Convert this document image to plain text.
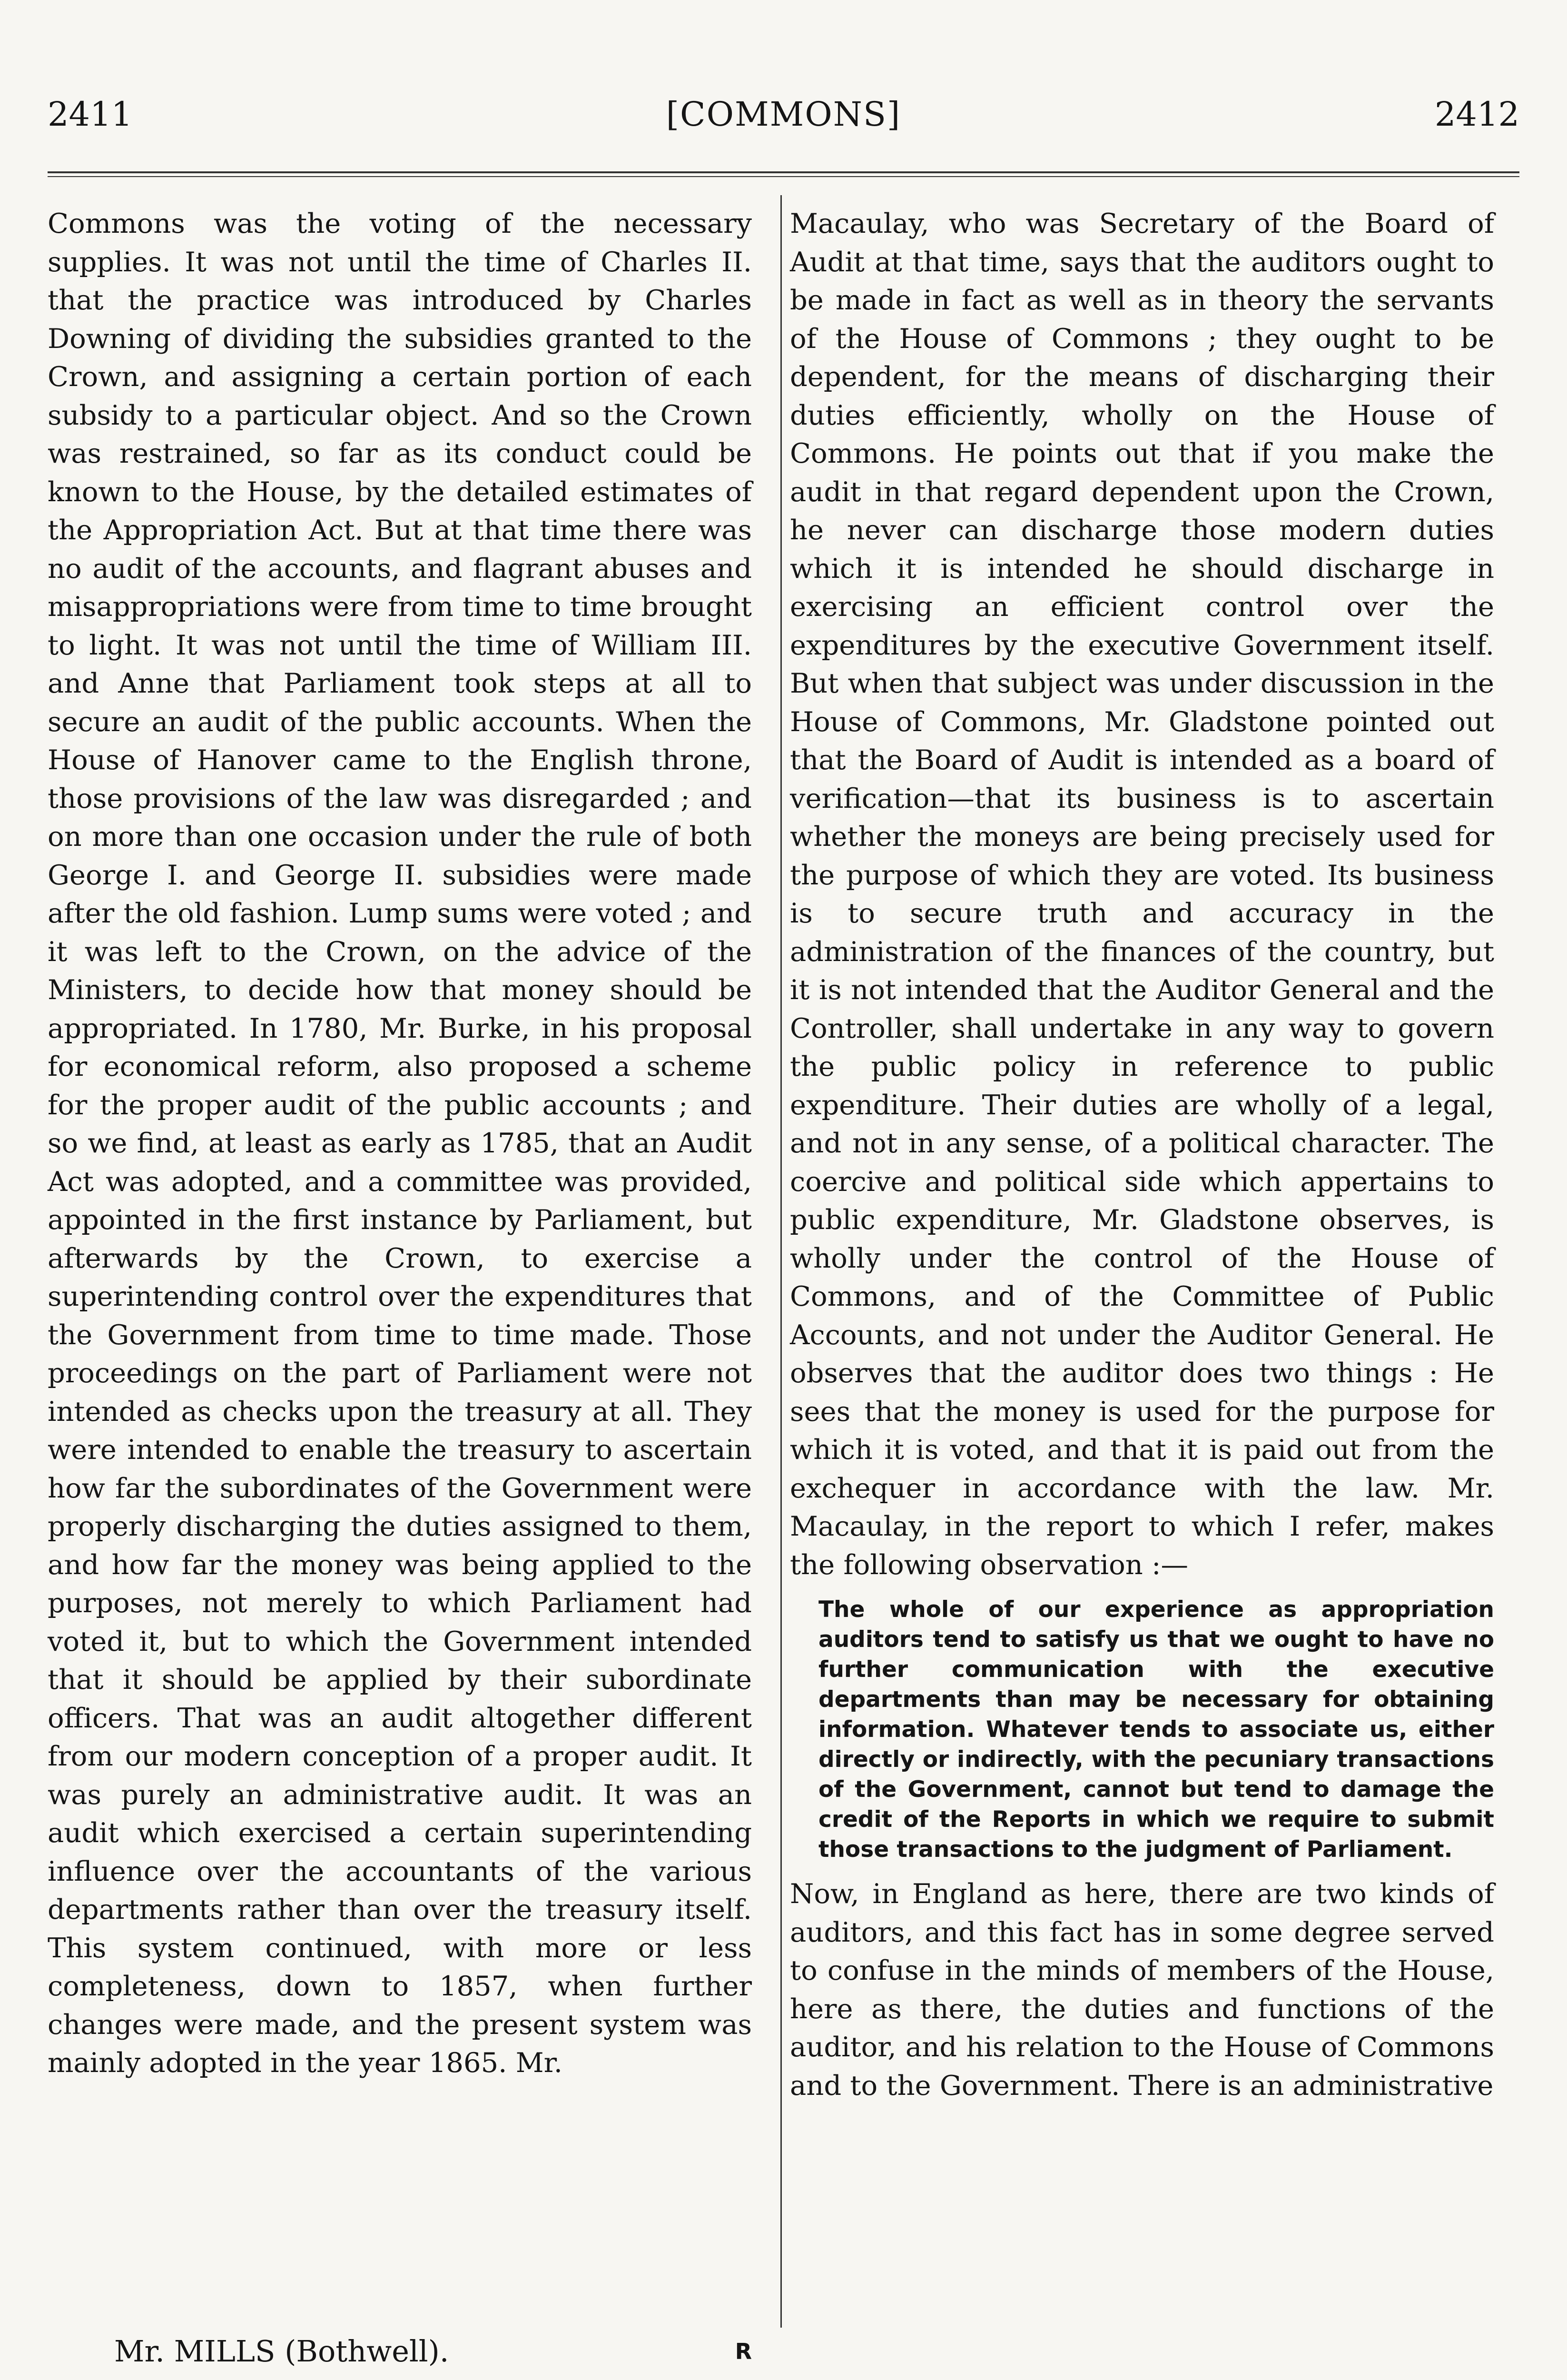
2411	[COMMONS]	2412

Commons was the voting of the necessary supplies. It was not until the time of Charles II. that the practice was introduced by Charles Downing of dividing the subsidies granted to the Crown, and assigning a certain portion of each subsidy to a particular object. And so the Crown was restrained, so far as its conduct could be known to the House, by the detailed estimates of the Appropriation Act. But at that time there was no audit of the accounts, and flagrant abuses and misappropriations were from time to time brought to light. It was not until the time of William III. and Anne that Parliament took steps at all to secure an audit of the public accounts. When the House of Hanover came to the English throne, those provisions of the law was disregarded ; and on more than one occasion under the rule of both George I. and George II. subsidies were made after the old fashion. Lump sums were voted ; and it was left to the Crown, on the advice of the Ministers, to decide how that money should be appropriated. In 1780, Mr. Burke, in his proposal for economical reform, also proposed a scheme for the proper audit of the public accounts ; and so we find, at least as early as 1785, that an Audit Act was adopted, and a committee was provided, appointed in the first instance by Parliament, but afterwards by the Crown, to exercise a superintending control over the expenditures that the Government from time to time made. Those proceedings on the part of Parliament were not intended as checks upon the treasury at all. They were intended to enable the treasury to ascertain how far the subordinates of the Government were properly discharging the duties assigned to them, and how far the money was being applied to the purposes, not merely to which Parliament had voted it, but to which the Government intended that it should be applied by their subordinate officers. That was an audit altogether different from our modern conception of a proper audit. It was purely an administrative audit. It was an audit which exercised a certain superintending influence over the accountants of the various departments rather than over the treasury itself. This system continued, with more or less completeness, down to 1857, when further changes were made, and the present system was mainly adopted in the year 1865. Mr.

Macaulay, who was Secretary of the Board of Audit at that time, says that the auditors ought to be made in fact as well as in theory the servants of the House of Commons ; they ought to be dependent, for the means of discharging their duties efficiently, wholly on the House of Commons. He points out that if you make the audit in that regard dependent upon the Crown, he never can discharge those modern duties which it is intended he should discharge in exercising an efficient control over the expenditures by the executive Government itself. But when that subject was under discussion in the House of Commons, Mr. Gladstone pointed out that the Board of Audit is intended as a board of verification—that its business is to ascertain whether the moneys are being precisely used for the purpose of which they are voted. Its business is to secure truth and accuracy in the administration of the finances of the country, but it is not intended that the Auditor General and the Controller, shall undertake in any way to govern the public policy in reference to public expenditure. Their duties are wholly of a legal, and not in any sense, of a political character. The coercive and political side which appertains to public expenditure, Mr. Gladstone observes, is wholly under the control of the House of Commons, and of the Committee of Public Accounts, and not under the Auditor General. He observes that the auditor does two things : He sees that the money is used for the purpose for which it is voted, and that it is paid out from the exchequer in accordance with the law. Mr. Macaulay, in the report to which I refer, makes the following observation :—

The whole of our experience as appropriation auditors tend to satisfy us that we ought to have no further communication with the executive departments than may be necessary for obtaining information. Whatever tends to associate us, either directly or indirectly, with the pecuniary transactions of the Government, cannot but tend to damage the credit of the Reports in which we require to submit those transactions to the judgment of Parliament.

Now, in England as here, there are two kinds of auditors, and this fact has in some degree served to confuse in the minds of members of the House, here as there, the duties and functions of the auditor, and his relation to the House of Commons and to the Government. There is an administrative

Mr. MILLS (Bothwell).	R
